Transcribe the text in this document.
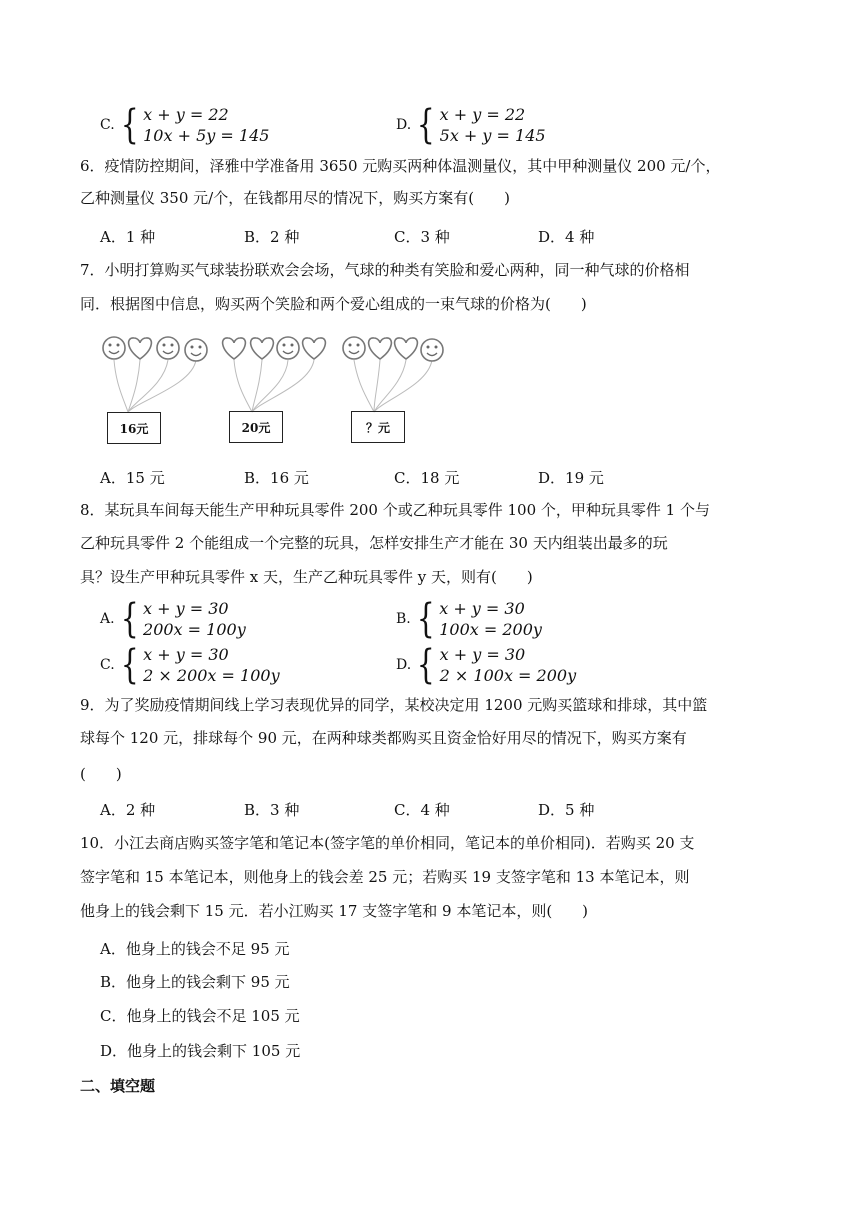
C. { x + y = 22
10x + 5y = 145
D. { x + y = 22
5x + y = 145
6．疫情防控期间，泽雅中学准备用 3650 元购买两种体温测量仪，其中甲种测量仪 200 元/个，
乙种测量仪 350 元/个，在钱都用尽的情况下，购买方案有(　　)
A．1 种	B．2 种	C．3 种	D．4 种
7．小明打算购买气球装扮联欢会会场，气球的种类有笑脸和爱心两种，同一种气球的价格相
同．根据图中信息，购买两个笑脸和两个爱心组成的一束气球的价格为(　　)
16元	20元	？元
A．15 元	B．16 元	C．18 元	D．19 元
8．某玩具车间每天能生产甲种玩具零件 200 个或乙种玩具零件 100 个，甲种玩具零件 1 个与
乙种玩具零件 2 个能组成一个完整的玩具，怎样安排生产才能在 30 天内组装出最多的玩
具？设生产甲种玩具零件 x 天，生产乙种玩具零件 y 天，则有(　　)
A. { x + y = 30
200x = 100y
B. { x + y = 30
100x = 200y
C. { x + y = 30
2 × 200x = 100y
D. { x + y = 30
2 × 100x = 200y
9．为了奖励疫情期间线上学习表现优异的同学，某校决定用 1200 元购买篮球和排球，其中篮
球每个 120 元，排球每个 90 元，在两种球类都购买且资金恰好用尽的情况下，购买方案有
(　　)
A．2 种	B．3 种	C．4 种	D．5 种
10．小江去商店购买签字笔和笔记本(签字笔的单价相同，笔记本的单价相同)．若购买 20 支
签字笔和 15 本笔记本，则他身上的钱会差 25 元；若购买 19 支签字笔和 13 本笔记本，则
他身上的钱会剩下 15 元．若小江购买 17 支签字笔和 9 本笔记本，则(　　)
A．他身上的钱会不足 95 元
B．他身上的钱会剩下 95 元
C．他身上的钱会不足 105 元
D．他身上的钱会剩下 105 元
二、填空题
